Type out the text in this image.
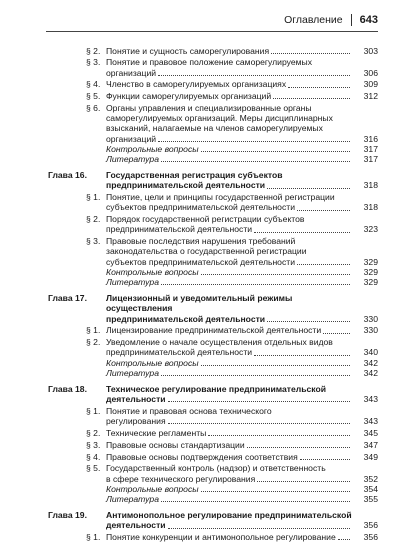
Оглавление 643
§ 2. Понятие и сущность саморегулирования	303
§ 3. Понятие и правовое положение саморегулируемых
организаций	306
§ 4. Членство в саморегулируемых организациях	309
§ 5. Функции саморегулируемых организаций	312
§ 6. Органы управления и специализированные органы
саморегулируемых организаций. Меры дисциплинарных
взысканий, налагаемые на членов саморегулируемых
организаций	316
Контрольные вопросы	317
Литература	317
Глава 16. Государственная регистрация субъектов
предпринимательской деятельности	318
§ 1. Понятие, цели и принципы государственной регистрации
субъектов предпринимательской деятельности	318
§ 2. Порядок государственной регистрации субъектов
предпринимательской деятельности	323
§ 3. Правовые последствия нарушения требований
законодательства о государственной регистрации
субъектов предпринимательской деятельности	329
Контрольные вопросы	329
Литература	329
Глава 17. Лицензионный и уведомительный режимы осуществления
предпринимательской деятельности	330
§ 1. Лицензирование предпринимательской деятельности	330
§ 2. Уведомление о начале осуществления отдельных видов
предпринимательской деятельности	340
Контрольные вопросы	342
Литература	342
Глава 18. Техническое регулирование предпринимательской
деятельности	343
§ 1. Понятие и правовая основа технического
регулирования	343
§ 2. Технические регламенты	345
§ 3. Правовые основы стандартизации	347
§ 4. Правовые основы подтверждения соответствия	349
§ 5. Государственный контроль (надзор) и ответственность
в сфере технического регулирования	352
Контрольные вопросы	354
Литература	355
Глава 19. Антимонопольное регулирование предпринимательской
деятельности	356
§ 1. Понятие конкуренции и антимонопольное регулирование	356
